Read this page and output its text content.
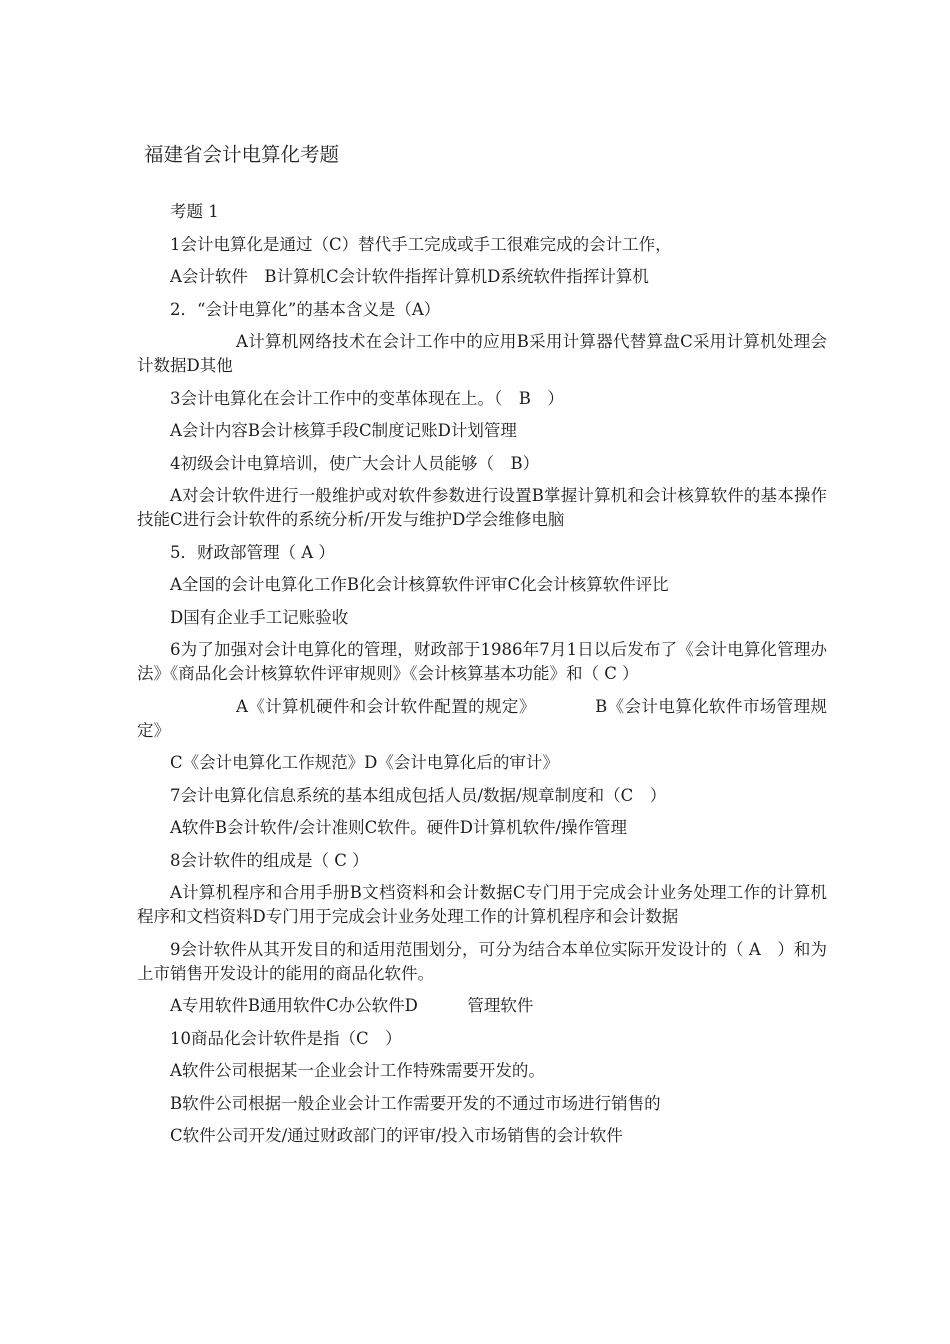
福建省会计电算化考题

考题 1

1会计电算化是通过（C）替代手工完成或手工很难完成的会计工作，

A会计软件　B计算机C会计软件指挥计算机D系统软件指挥计算机

2．“会计电算化”的基本含义是（A）

A计算机网络技术在会计工作中的应用B采用计算器代替算盘C采用计算机处理会计数据D其他

3会计电算化在会计工作中的变革体现在上。（　B　）

A会计内容B会计核算手段C制度记账D计划管理

4初级会计电算培训，使广大会计人员能够（　B）

A对会计软件进行一般维护或对软件参数进行设置B掌握计算机和会计核算软件的基本操作技能C进行会计软件的系统分析/开发与维护D学会维修电脑

5．财政部管理（ A ）

A全国的会计电算化工作B化会计核算软件评审C化会计核算软件评比

D国有企业手工记账验收

6为了加强对会计电算化的管理，财政部于1986年7月1日以后发布了《会计电算化管理办法》《商品化会计核算软件评审规则》《会计核算基本功能》和（ C ）

A《计算机硬件和会计软件配置的规定》　　　　B《会计电算化软件市场管理规定》

C《会计电算化工作规范》D《会计电算化后的审计》

7会计电算化信息系统的基本组成包括人员/数据/规章制度和（C　）

A软件B会计软件/会计准则C软件。硬件D计算机软件/操作管理

8会计软件的组成是（ C ）

A计算机程序和合用手册B文档资料和会计数据C专门用于完成会计业务处理工作的计算机程序和文档资料D专门用于完成会计业务处理工作的计算机程序和会计数据

9会计软件从其开发目的和适用范围划分，可分为结合本单位实际开发设计的（ A　）和为上市销售开发设计的能用的商品化软件。

A专用软件B通用软件C办公软件D　　　管理软件

10商品化会计软件是指（C　）

A软件公司根据某一企业会计工作特殊需要开发的。

B软件公司根据一般企业会计工作需要开发的不通过市场进行销售的

C软件公司开发/通过财政部门的评审/投入市场销售的会计软件
